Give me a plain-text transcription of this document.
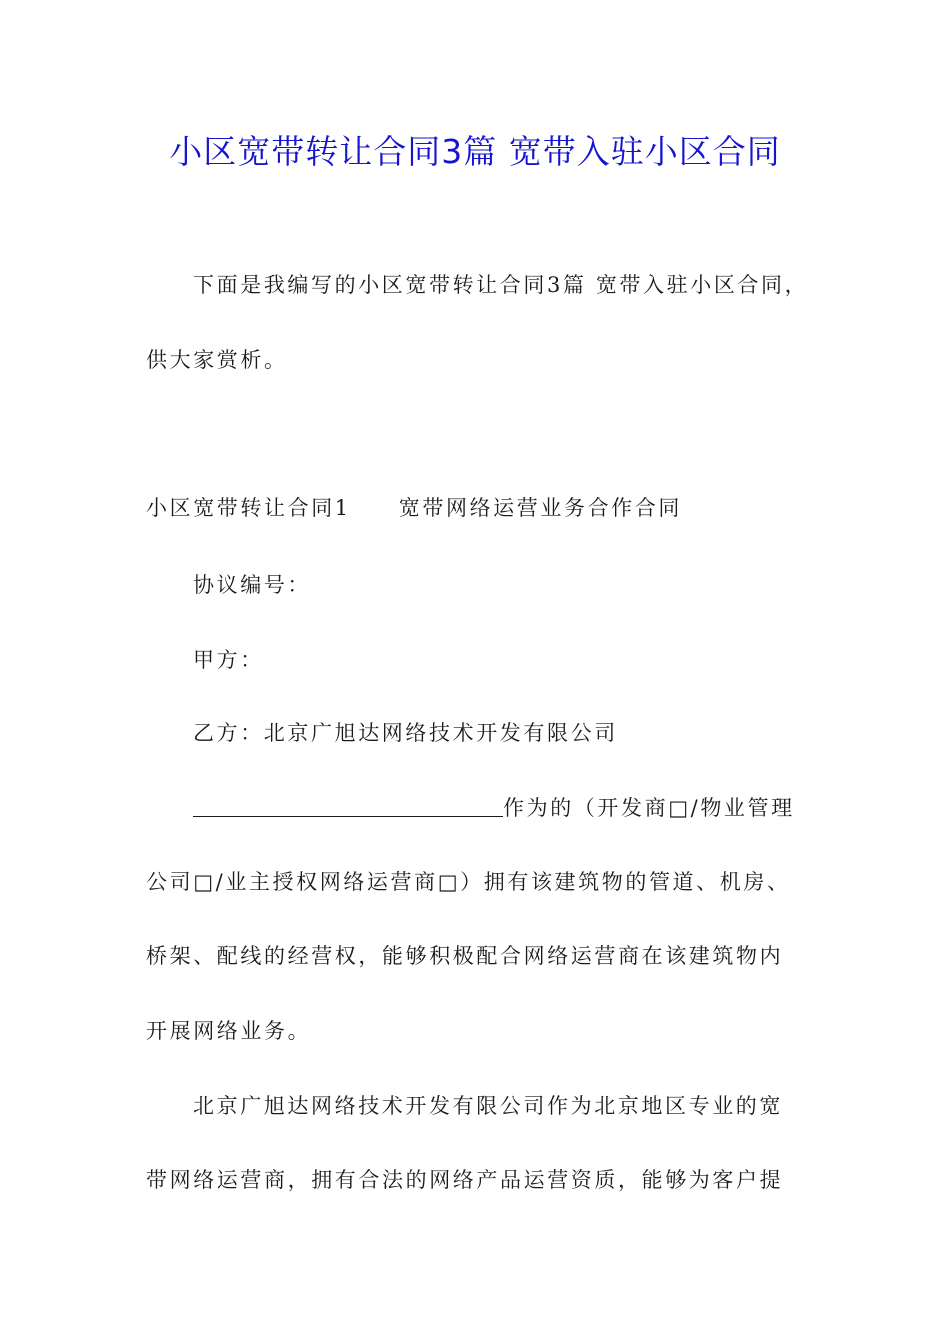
小区宽带转让合同3篇 宽带入驻小区合同
下面是我编写的小区宽带转让合同3篇 宽带入驻小区合同，
供大家赏析。
小区宽带转让合同1 宽带网络运营业务合作合同
协议编号：
甲方：
乙方：北京广旭达网络技术开发有限公司
作为的（开发商□/物业管理
公司□/业主授权网络运营商□）拥有该建筑物的管道、机房、
桥架、配线的经营权，能够积极配合网络运营商在该建筑物内
开展网络业务。
北京广旭达网络技术开发有限公司作为北京地区专业的宽
带网络运营商，拥有合法的网络产品运营资质，能够为客户提
